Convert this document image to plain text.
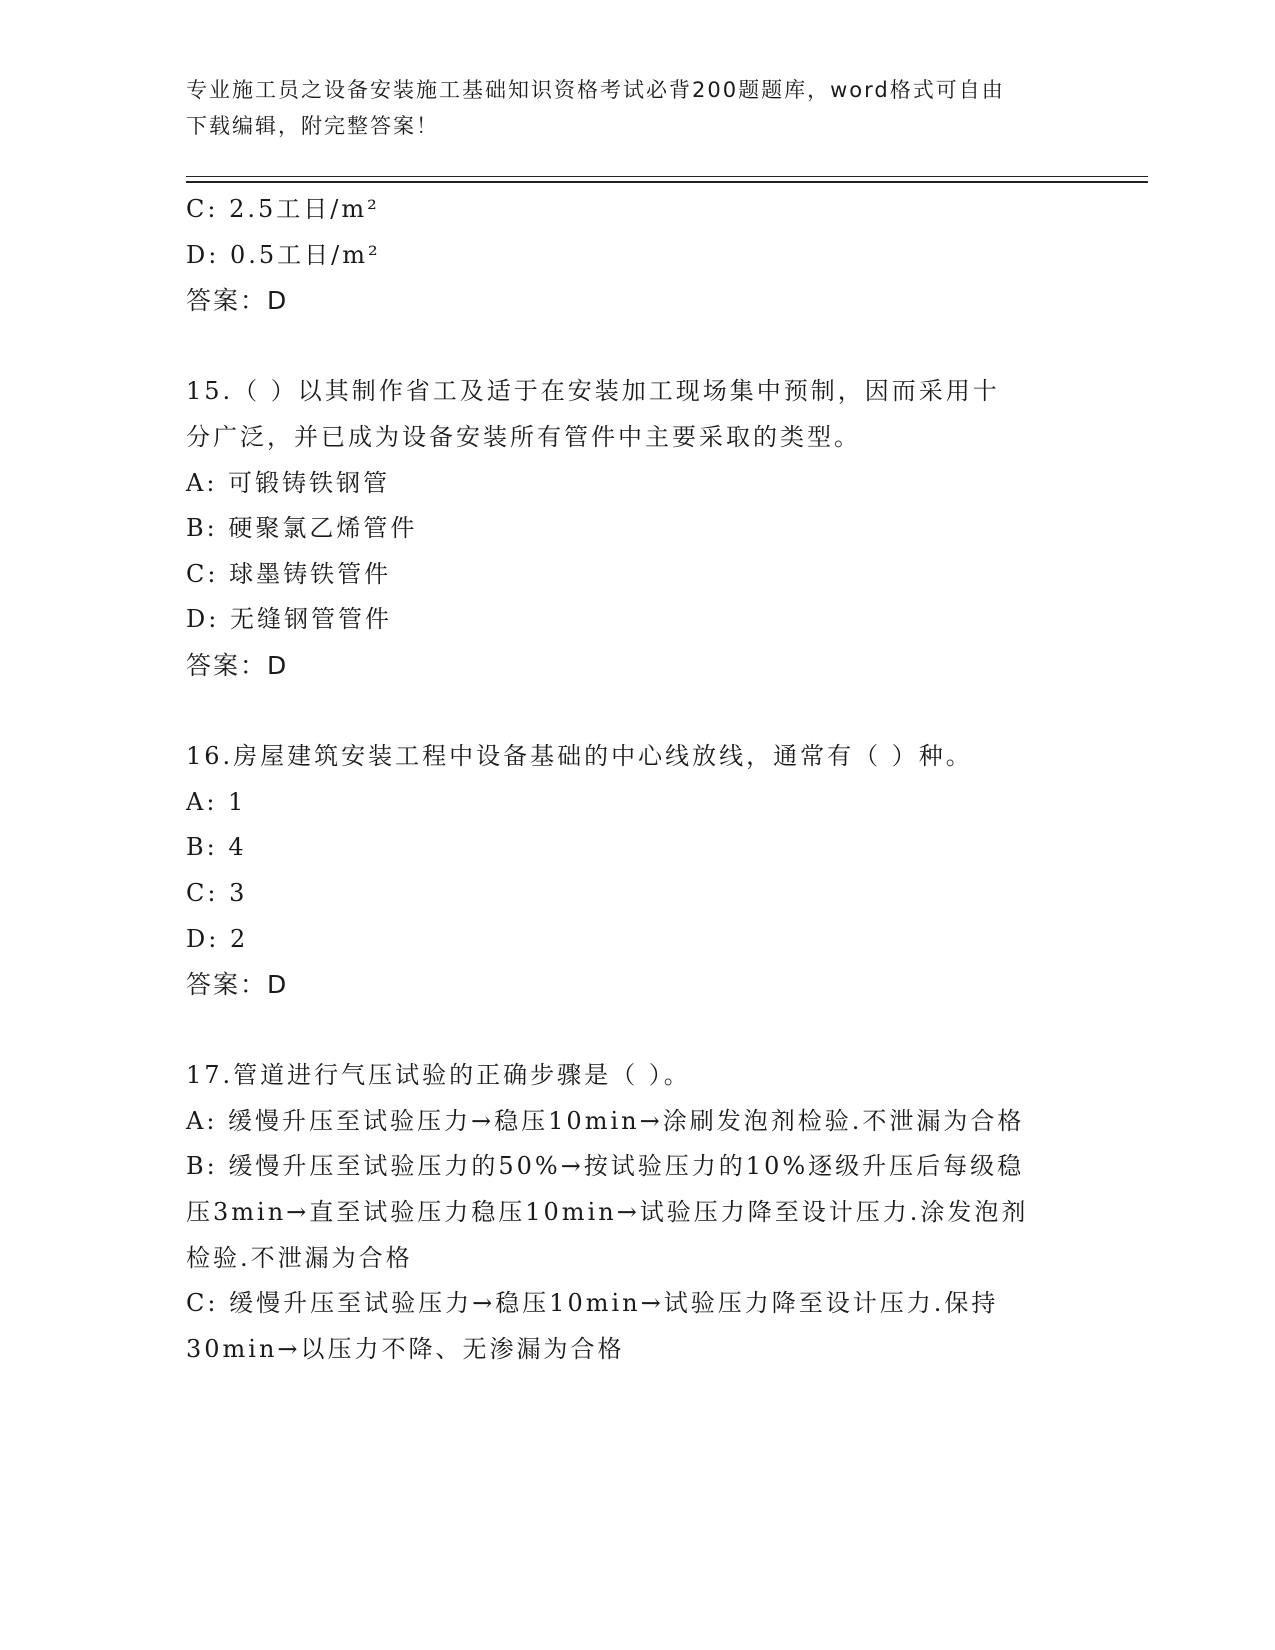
专业施工员之设备安装施工基础知识资格考试必背200题题库，word格式可自由
下载编辑，附完整答案！
C: 2.5工日/m²
D: 0.5工日/m²
答案：D
15.（ ）以其制作省工及适于在安装加工现场集中预制，因而采用十
分广泛，并已成为设备安装所有管件中主要采取的类型。
A: 可锻铸铁钢管
B: 硬聚氯乙烯管件
C: 球墨铸铁管件
D: 无缝钢管管件
答案：D
16.房屋建筑安装工程中设备基础的中心线放线，通常有（ ）种。
A: 1
B: 4
C: 3
D: 2
答案：D
17.管道进行气压试验的正确步骤是（ ）。
A: 缓慢升压至试验压力→稳压10min→涂刷发泡剂检验.不泄漏为合格
B: 缓慢升压至试验压力的50%→按试验压力的10%逐级升压后每级稳
压3min→直至试验压力稳压10min→试验压力降至设计压力.涂发泡剂
检验.不泄漏为合格
C: 缓慢升压至试验压力→稳压10min→试验压力降至设计压力.保持
30min→以压力不降、无渗漏为合格
